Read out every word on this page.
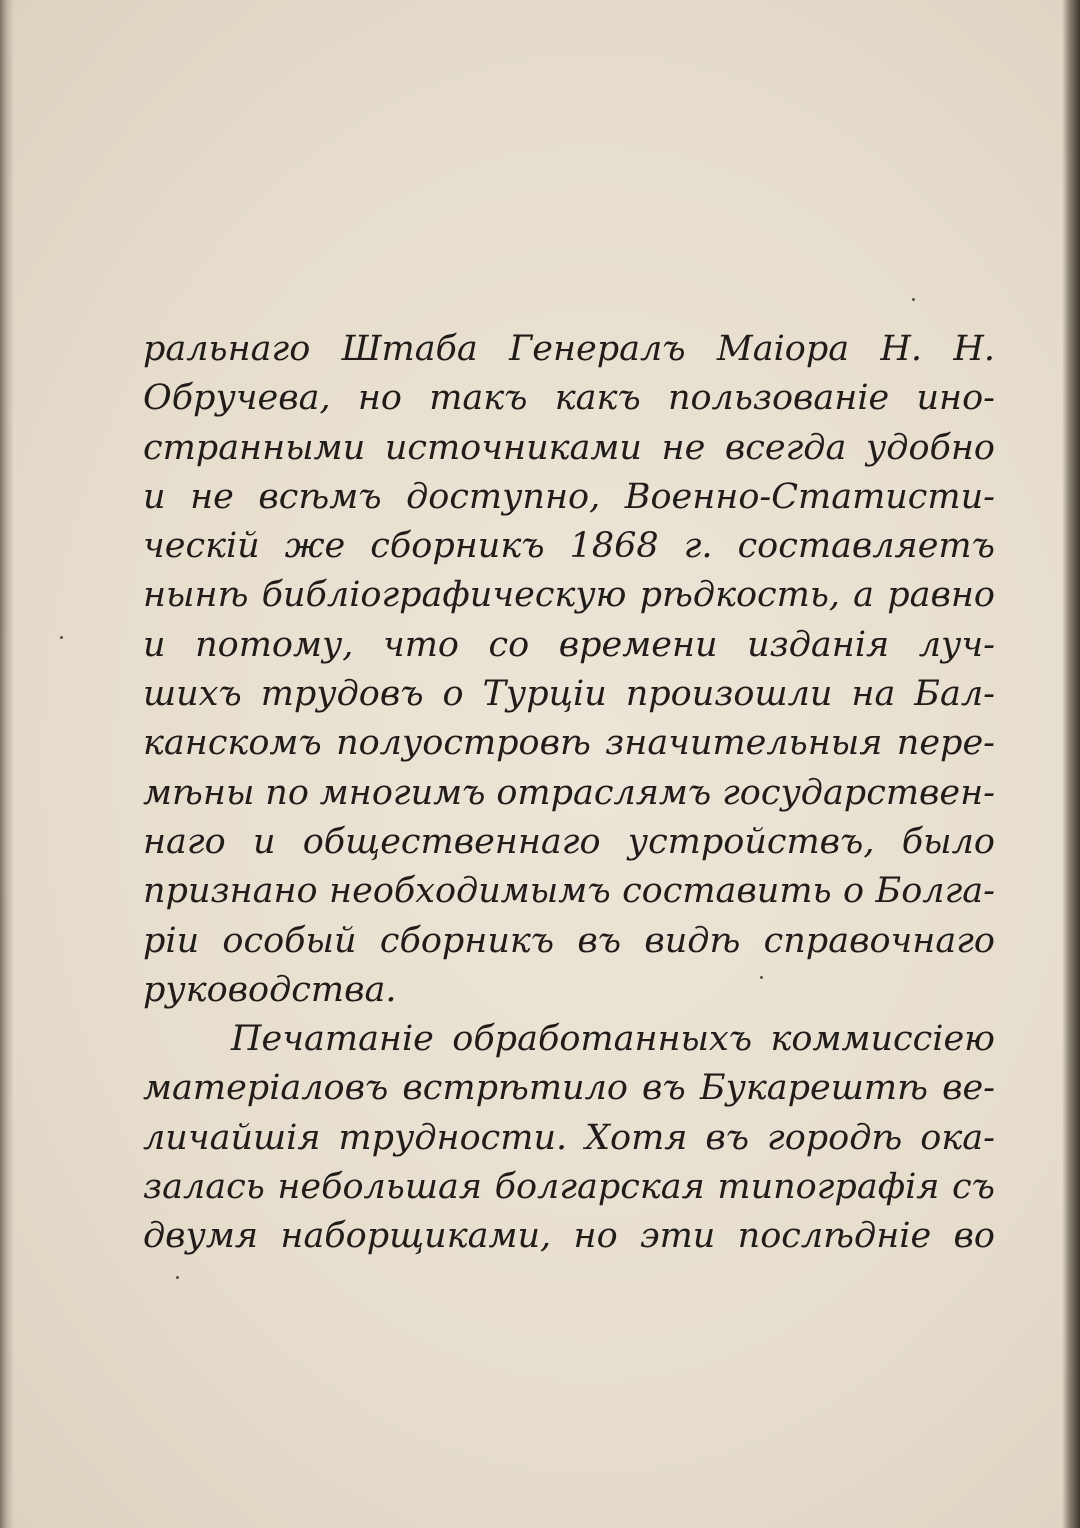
ральнаго Штаба Генералъ Маіора Н. Н.
Обручева, но такъ какъ пользованіе ино-
странными источниками не всегда удобно
и не всѣмъ доступно, Военно-Статисти-
ческій же сборникъ 1868 г. составляетъ
нынѣ библіографическую рѣдкость, а равно
и потому, что со времени изданія луч-
шихъ трудовъ о Турціи произошли на Бал-
канскомъ полуостровѣ значительныя пере-
мѣны по многимъ отраслямъ государствен-
наго и общественнаго устройствъ, было
признано необходимымъ составить о Болга-
ріи особый сборникъ въ видѣ справочнаго
руководства.
Печатаніе обработанныхъ коммиссіею
матеріаловъ встрѣтило въ Букарештѣ ве-
личайшія трудности. Хотя въ городѣ ока-
залась небольшая болгарская типографія съ
двумя наборщиками, но эти послѣдніе во
